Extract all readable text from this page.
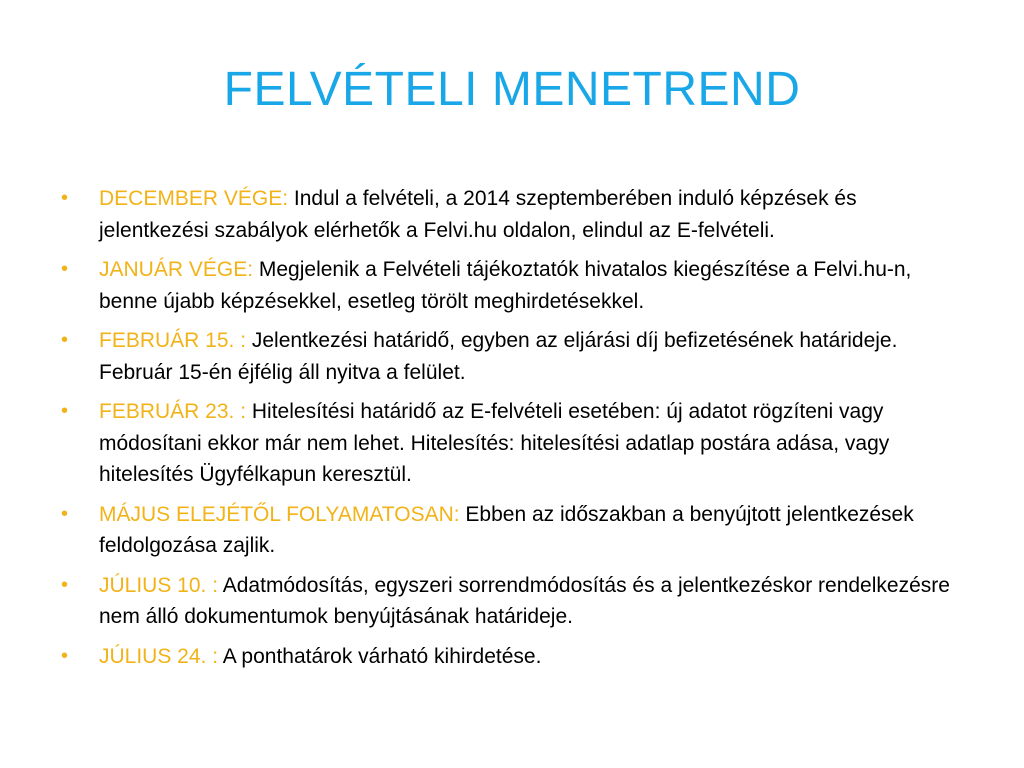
FELVÉTELI MENETREND
• DECEMBER VÉGE: Indul a felvételi, a 2014 szeptemberében induló képzések és jelentkezési szabályok elérhetők a Felvi.hu oldalon, elindul az E-felvételi.
• JANUÁR VÉGE: Megjelenik a Felvételi tájékoztatók hivatalos kiegészítése a Felvi.hu-n, benne újabb képzésekkel, esetleg törölt meghirdetésekkel.
• FEBRUÁR 15. : Jelentkezési határidő, egyben az eljárási díj befizetésének határideje. Február 15-én éjfélig áll nyitva a felület.
• FEBRUÁR 23. : Hitelesítési határidő az E-felvételi esetében: új adatot rögzíteni vagy módosítani ekkor már nem lehet. Hitelesítés: hitelesítési adatlap postára adása, vagy hitelesítés Ügyfélkapun keresztül.
• MÁJUS ELEJÉTŐL FOLYAMATOSAN: Ebben az időszakban a benyújtott jelentkezések feldolgozása zajlik.
• JÚLIUS 10. : Adatmódosítás, egyszeri sorrendmódosítás és a jelentkezéskor rendelkezésre nem álló dokumentumok benyújtásának határideje.
• JÚLIUS 24. : A ponthatárok várható kihirdetése.
